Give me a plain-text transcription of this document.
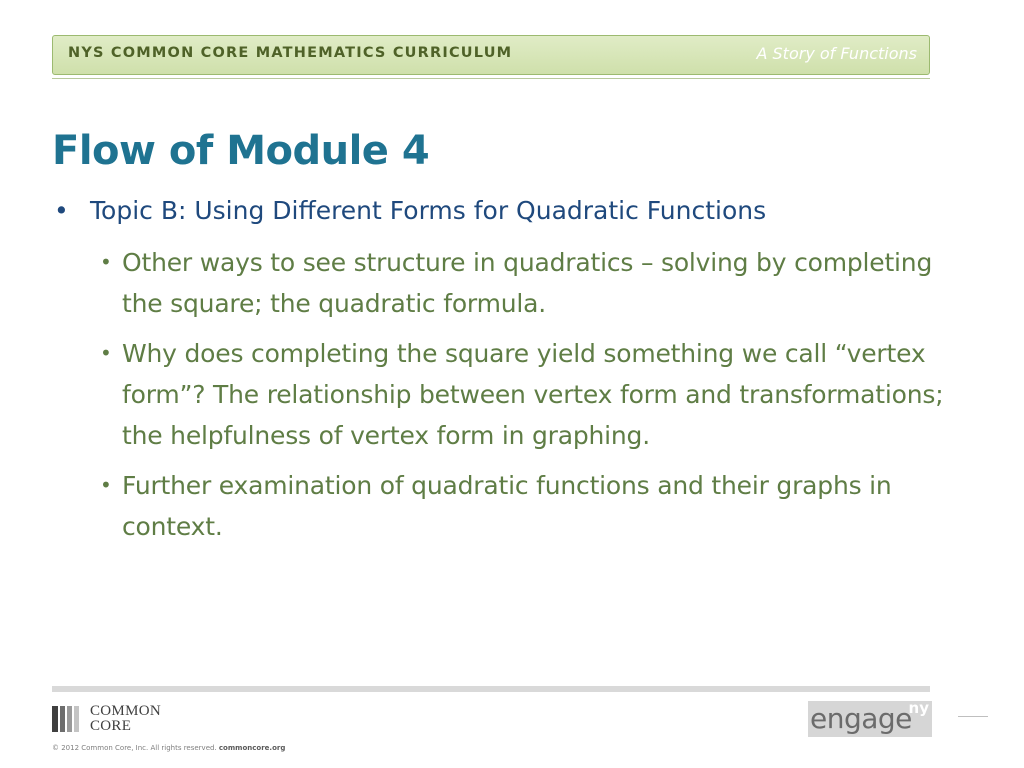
NYS COMMON CORE MATHEMATICS CURRICULUM	A Story of Functions
Flow of Module 4
• Topic B: Using Different Forms for Quadratic Functions
• Other ways to see structure in quadratics – solving by completing the square; the quadratic formula.
• Why does completing the square yield something we call “vertex form”? The relationship between vertex form and transformations; the helpfulness of vertex form in graphing.
• Further examination of quadratic functions and their graphs in context.
COMMON
CORE
© 2012 Common Core, Inc. All rights reserved. commoncore.org
engage
ny
